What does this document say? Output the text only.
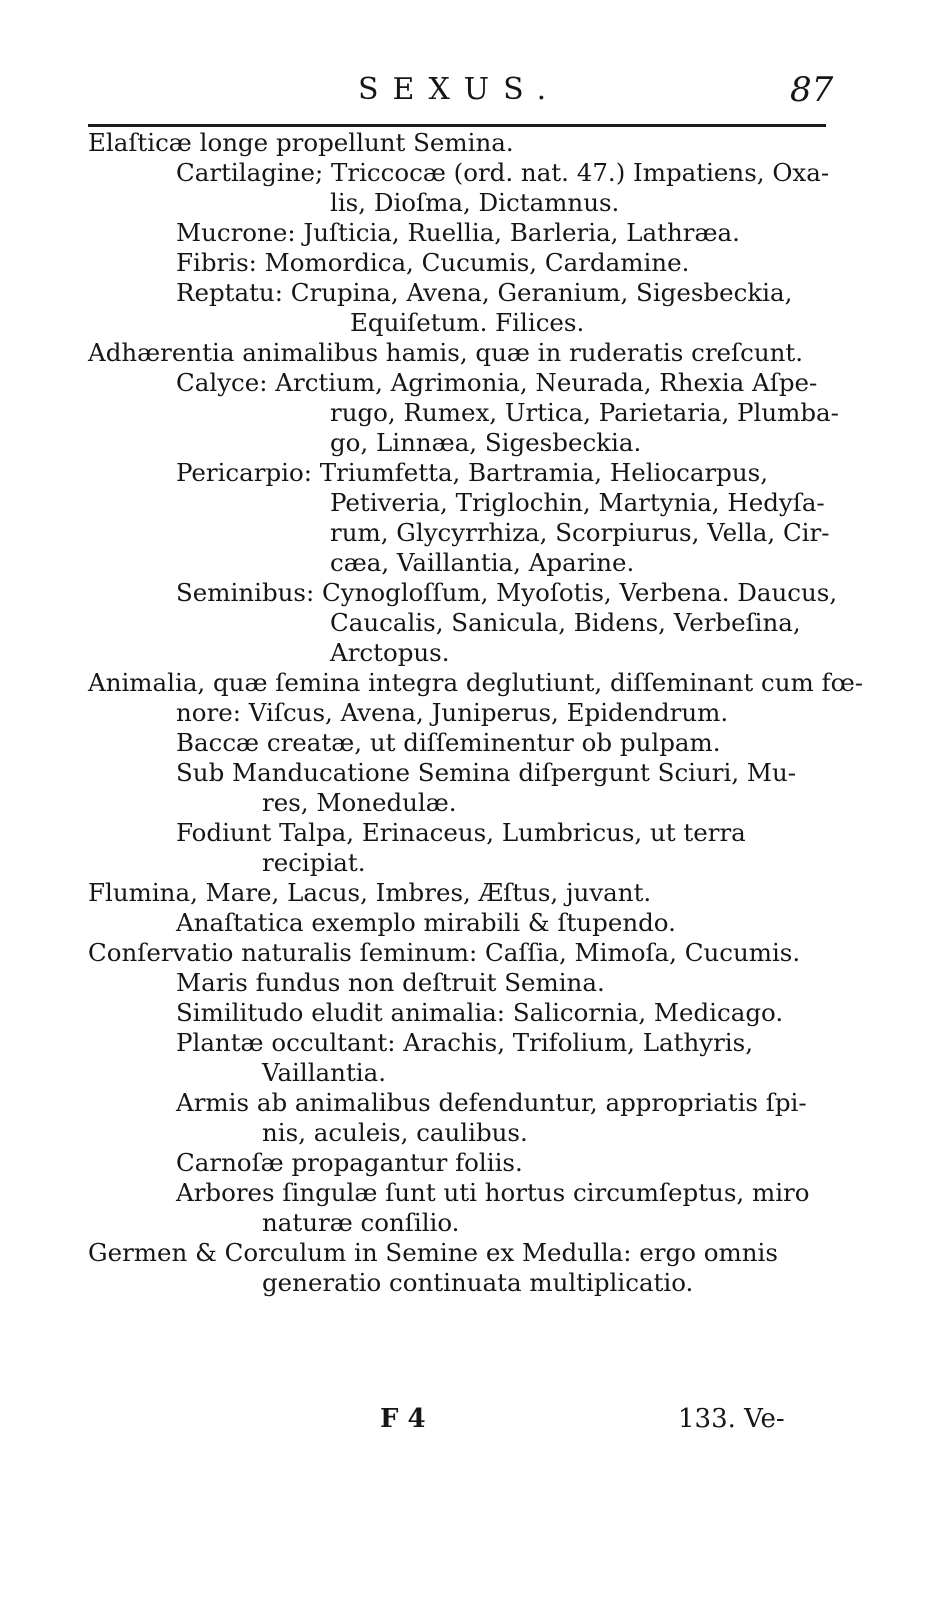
SEXUS.	87
Elaſticæ longe propellunt Semina.
Cartilagine; Triccocæ (ord. nat. 47.) Impatiens, Oxa-
lis, Dioſma, Dictamnus.
Mucrone: Juſticia, Ruellia, Barleria, Lathræa.
Fibris: Momordica, Cucumis, Cardamine.
Reptatu: Crupina, Avena, Geranium, Sigesbeckia,
Equiſetum. Filices.
Adhærentia animalibus hamis, quæ in ruderatis creſcunt.
Calyce: Arctium, Agrimonia, Neurada, Rhexia Aſpe-
rugo, Rumex, Urtica, Parietaria, Plumba-
go, Linnæa, Sigesbeckia.
Pericarpio: Triumfetta, Bartramia, Heliocarpus,
Petiveria, Triglochin, Martynia, Hedyſa-
rum, Glycyrrhiza, Scorpiurus, Vella, Cir-
cæa, Vaillantia, Aparine.
Seminibus: Cynogloſſum, Myoſotis, Verbena. Daucus,
Caucalis, Sanicula, Bidens, Verbeſina,
Arctopus.
Animalia, quæ ſemina integra deglutiunt, diſſeminant cum fœ-
nore: Viſcus, Avena, Juniperus, Epidendrum.
Baccæ creatæ, ut diſſeminentur ob pulpam.
Sub Manducatione Semina diſpergunt Sciuri, Mu-
res, Monedulæ.
Fodiunt Talpa, Erinaceus, Lumbricus, ut terra
recipiat.
Flumina, Mare, Lacus, Imbres, Æſtus, juvant.
Anaſtatica exemplo mirabili & ſtupendo.
Conſervatio naturalis ſeminum: Caſſia, Mimoſa, Cucumis.
Maris fundus non deſtruit Semina.
Similitudo eludit animalia: Salicornia, Medicago.
Plantæ occultant: Arachis, Trifolium, Lathyris,
Vaillantia.
Armis ab animalibus defenduntur, appropriatis ſpi-
nis, aculeis, caulibus.
Carnoſæ propagantur foliis.
Arbores ſingulæ ſunt uti hortus circumſeptus, miro
naturæ conſilio.
Germen & Corculum in Semine ex Medulla: ergo omnis
generatio continuata multiplicatio.
F 4	133. Ve-
